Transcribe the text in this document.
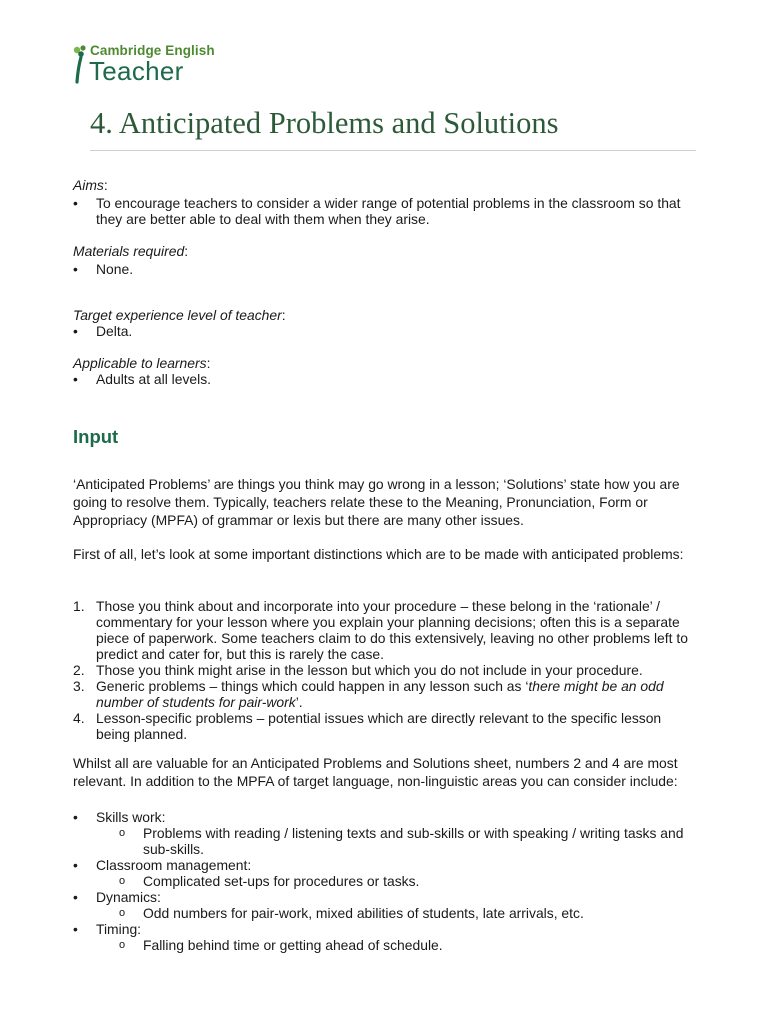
Cambridge English
Teacher
4. Anticipated Problems and Solutions
Aims:
• To encourage teachers to consider a wider range of potential problems in the classroom so that they are better able to deal with them when they arise.
Materials required:
• None.
Target experience level of teacher:
• Delta.
Applicable to learners:
• Adults at all levels.
Input

‘Anticipated Problems’ are things you think may go wrong in a lesson; ‘Solutions’ state how you are going to resolve them. Typically, teachers relate these to the Meaning, Pronunciation, Form or Appropriacy (MPFA) of grammar or lexis but there are many other issues.

First of all, let’s look at some important distinctions which are to be made with anticipated problems:

1. Those you think about and incorporate into your procedure – these belong in the ‘rationale’ / commentary for your lesson where you explain your planning decisions; often this is a separate piece of paperwork. Some teachers claim to do this extensively, leaving no other problems left to predict and cater for, but this is rarely the case.
2. Those you think might arise in the lesson but which you do not include in your procedure.
3. Generic problems – things which could happen in any lesson such as ‘there might be an odd number of students for pair-work’.
4. Lesson-specific problems – potential issues which are directly relevant to the specific lesson being planned.

Whilst all are valuable for an Anticipated Problems and Solutions sheet, numbers 2 and 4 are most relevant. In addition to the MPFA of target language, non-linguistic areas you can consider include:

• Skills work:
o Problems with reading / listening texts and sub-skills or with speaking / writing tasks and sub-skills.
• Classroom management:
o Complicated set-ups for procedures or tasks.
• Dynamics:
o Odd numbers for pair-work, mixed abilities of students, late arrivals, etc.
• Timing:
o Falling behind time or getting ahead of schedule.
